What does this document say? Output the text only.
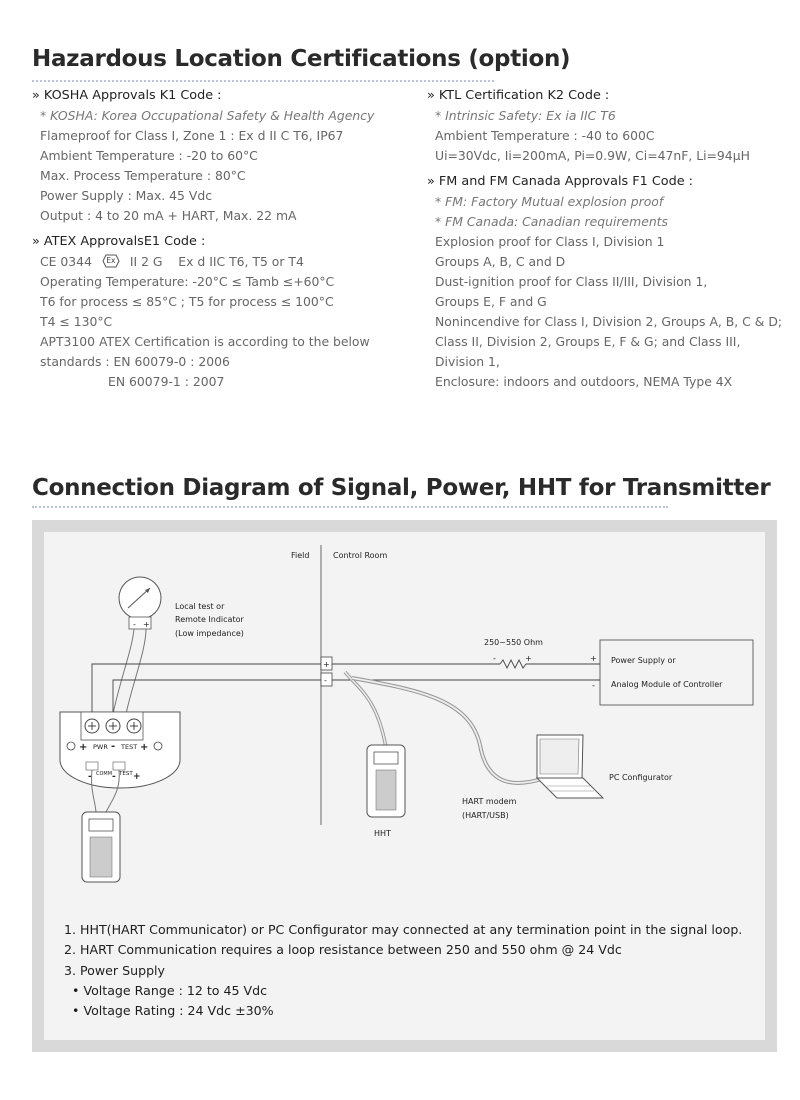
Hazardous Location Certifications (option)
» KOSHA Approvals K1 Code :
* KOSHA: Korea Occupational Safety & Health Agency
Flameproof for Class I, Zone 1 : Ex d II C T6, IP67
Ambient Temperature : -20 to 60°C
Max. Process Temperature : 80°C
Power Supply : Max. 45 Vdc
Output : 4 to 20 mA + HART, Max. 22 mA
» ATEX ApprovalsE1 Code :
CE 0344	Ex	II 2 G    Ex d IIC T6, T5 or T4
Operating Temperature: -20°C ≤ Tamb ≤+60°C
T6 for process ≤ 85°C ; T5 for process ≤ 100°C
T4 ≤ 130°C
APT3100 ATEX Certification is according to the below
standards : EN 60079-0 : 2006
EN 60079-1 : 2007
» KTL Certification K2 Code :
* Intrinsic Safety: Ex ia IIC T6
Ambient Temperature : -40 to 600C
Ui=30Vdc, Ii=200mA, Pi=0.9W, Ci=47nF, Li=94μH
» FM and FM Canada Approvals F1 Code :
* FM: Factory Mutual explosion proof
* FM Canada: Canadian requirements
Explosion proof for Class I, Division 1
Groups A, B, C and D
Dust-ignition proof for Class II/III, Division 1,
Groups E, F and G
Nonincendive for Class I, Division 2, Groups A, B, C & D;
Class II, Division 2, Groups E, F & G; and Class III,
Division 1,
Enclosure: indoors and outdoors, NEMA Type 4X
Connection Diagram of Signal, Power, HHT for Transmitter
Field	Control Room
- +
Local test or
Remote Indicator
(Low impedance)
+
-
250~550 Ohm
-	+	+
-
Power Supply or
Analog Module of Controller
HHT
PC Configurator
HART modem
(HART/USB)
+ PWR - TEST +
- COMM - TEST +
1. HHT(HART Communicator) or PC Configurator may connected at any termination point in the signal loop.
2. HART Communication requires a loop resistance between 250 and 550 ohm @ 24 Vdc
3. Power Supply
• Voltage Range : 12 to 45 Vdc
• Voltage Rating : 24 Vdc ±30%
